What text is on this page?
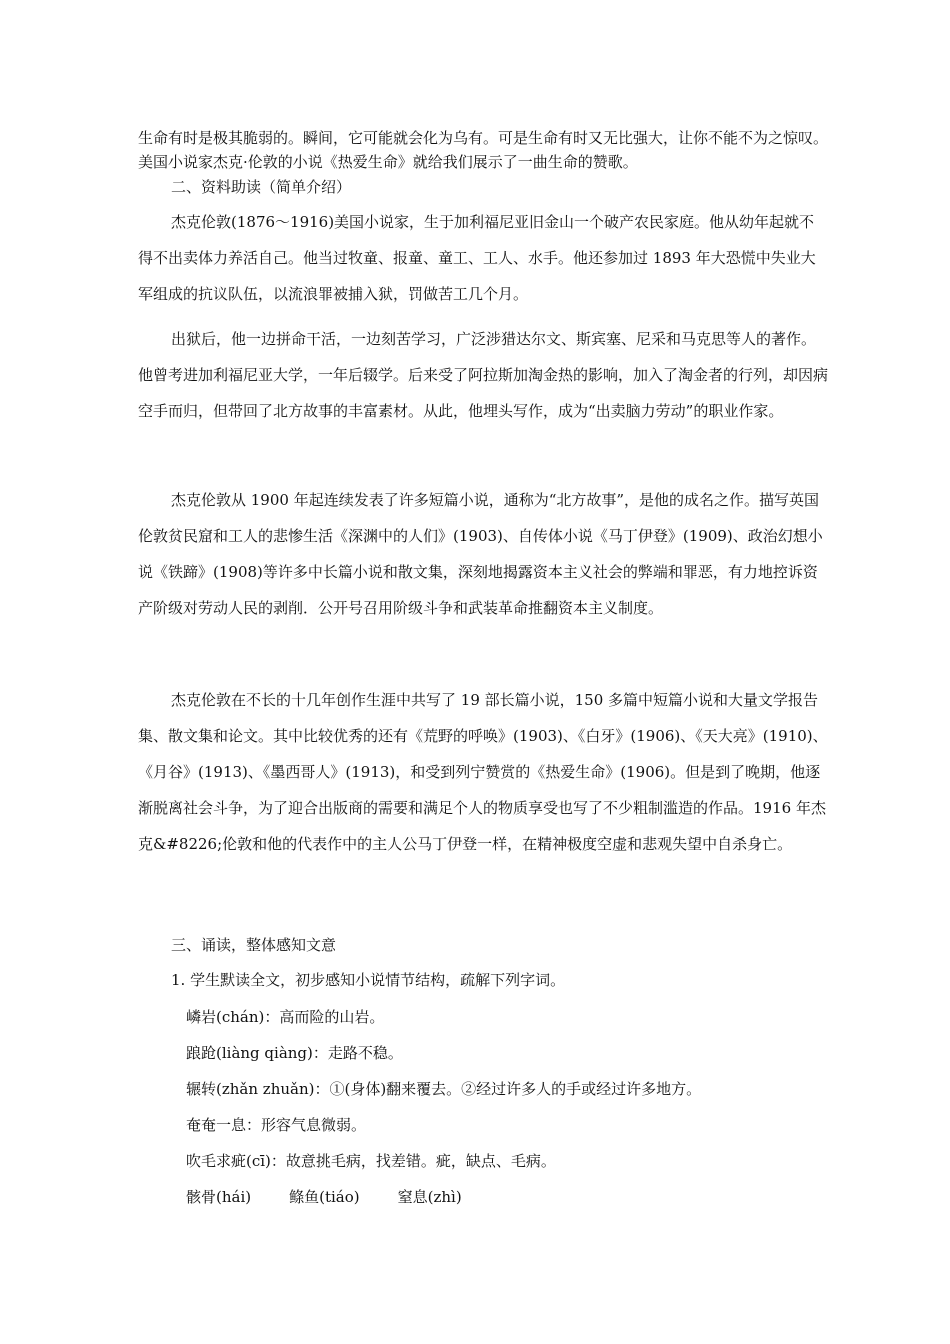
生命有时是极其脆弱的。瞬间，它可能就会化为乌有。可是生命有时又无比强大，让你不能不为之惊叹。美国小说家杰克·伦敦的小说《热爱生命》就给我们展示了一曲生命的赞歌。

二、资料助读（简单介绍）

杰克伦敦(1876～1916)美国小说家，生于加利福尼亚旧金山一个破产农民家庭。他从幼年起就不得不出卖体力养活自己。他当过牧童、报童、童工、工人、水手。他还参加过 1893 年大恐慌中失业大军组成的抗议队伍，以流浪罪被捕入狱，罚做苦工几个月。

出狱后，他一边拼命干活，一边刻苦学习，广泛涉猎达尔文、斯宾塞、尼采和马克思等人的著作。他曾考进加利福尼亚大学，一年后辍学。后来受了阿拉斯加淘金热的影响，加入了淘金者的行列，却因病空手而归，但带回了北方故事的丰富素材。从此，他埋头写作，成为“出卖脑力劳动”的职业作家。

杰克伦敦从 1900 年起连续发表了许多短篇小说，通称为“北方故事”，是他的成名之作。描写英国伦敦贫民窟和工人的悲惨生活《深渊中的人们》(1903)、自传体小说《马丁伊登》(1909)、政治幻想小说《铁蹄》(1908)等许多中长篇小说和散文集，深刻地揭露资本主义社会的弊端和罪恶，有力地控诉资产阶级对劳动人民的剥削．公开号召用阶级斗争和武装革命推翻资本主义制度。

杰克伦敦在不长的十几年创作生涯中共写了 19 部长篇小说，150 多篇中短篇小说和大量文学报告集、散文集和论文。其中比较优秀的还有《荒野的呼唤》(1903)、《白牙》(1906)、《天大亮》(1910)、《月谷》(1913)、《墨西哥人》(1913)，和受到列宁赞赏的《热爱生命》(1906)。但是到了晚期，他逐渐脱离社会斗争，为了迎合出版商的需要和满足个人的物质享受也写了不少粗制滥造的作品。1916 年杰克&#8226;伦敦和他的代表作中的主人公马丁伊登一样，在精神极度空虚和悲观失望中自杀身亡。

三、诵读，整体感知文意

1. 学生默读全文，初步感知小说情节结构，疏解下列字词。

嶙岩(chán)：高而险的山岩。

踉跄(liàng qiàng)：走路不稳。

辗转(zhǎn zhuǎn)：①(身体)翻来覆去。②经过许多人的手或经过许多地方。

奄奄一息：形容气息微弱。

吹毛求疵(cī)：故意挑毛病，找差错。疵，缺点、毛病。

骸骨(hái)	鲦鱼(tiáo)	窒息(zhì)
